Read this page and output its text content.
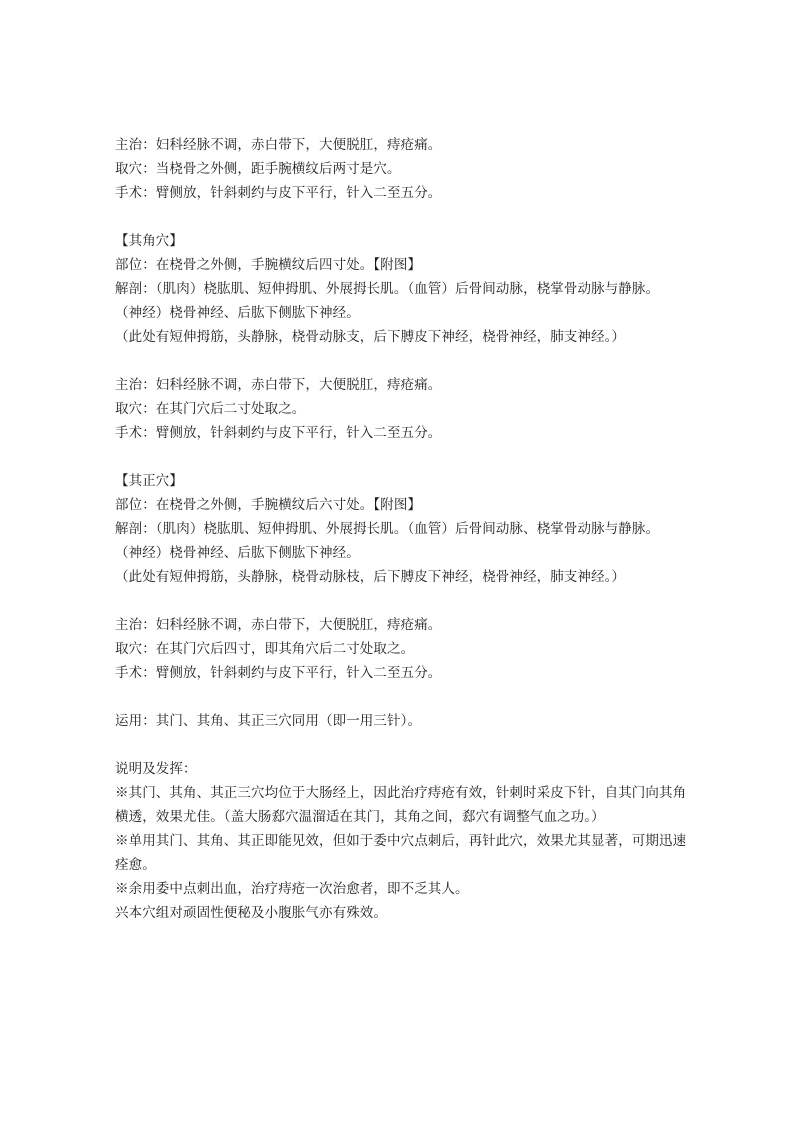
主治：妇科经脉不调，赤白带下，大便脱肛，痔疮痛。
取穴：当桡骨之外侧，距手腕横纹后两寸是穴。
手术：臂侧放，针斜刺约与皮下平行，针入二至五分。
【其角穴】
部位：在桡骨之外侧，手腕横纹后四寸处。【附图】
解剖：（肌肉）桡肱肌、短伸拇肌、外展拇长肌。（血管）后骨间动脉，桡掌骨动脉与静脉。
（神经）桡骨神经、后肱下侧肱下神经。
（此处有短伸拇筋，头静脉，桡骨动脉支，后下膊皮下神经，桡骨神经，肺支神经。）
主治：妇科经脉不调，赤白带下，大便脱肛，痔疮痛。
取穴：在其门穴后二寸处取之。
手术：臂侧放，针斜刺约与皮下平行，针入二至五分。
【其正穴】
部位：在桡骨之外侧，手腕横纹后六寸处。【附图】
解剖：（肌肉）桡肱肌、短伸拇肌、外展拇长肌。（血管）后骨间动脉、桡掌骨动脉与静脉。
（神经）桡骨神经、后肱下侧肱下神经。
（此处有短伸拇筋，头静脉，桡骨动脉枝，后下膊皮下神经，桡骨神经，肺支神经。）
主治：妇科经脉不调，赤白带下，大便脱肛，痔疮痛。
取穴：在其门穴后四寸，即其角穴后二寸处取之。
手术：臂侧放，针斜刺约与皮下平行，针入二至五分。
运用：其门、其角、其正三穴同用（即一用三针）。
说明及发挥：
※其门、其角、其正三穴均位于大肠经上，因此治疗痔疮有效，针刺时采皮下针，自其门向其角
横透，效果尤佳。（盖大肠郄穴温溜适在其门，其角之间，郄穴有调整气血之功。）
※单用其门、其角、其正即能见效，但如于委中穴点刺后，再针此穴，效果尤其显著，可期迅速
痊愈。
※余用委中点刺出血，治疗痔疮一次治愈者，即不乏其人。
兴本穴组对顽固性便秘及小腹胀气亦有殊效。
